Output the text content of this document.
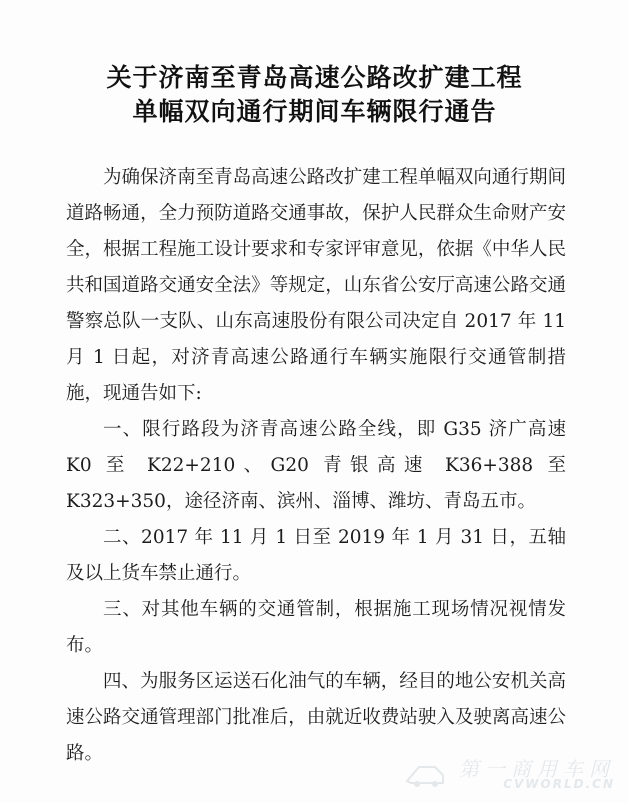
关于济南至青岛高速公路改扩建工程
单幅双向通行期间车辆限行通告

为确保济南至青岛高速公路改扩建工程单幅双向通行期间道路畅通，全力预防道路交通事故，保护人民群众生命财产安全，根据工程施工设计要求和专家评审意见，依据《中华人民共和国道路交通安全法》等规定，山东省公安厅高速公路交通警察总队一支队、山东高速股份有限公司决定自 2017 年 11 月 1 日起，对济青高速公路通行车辆实施限行交通管制措施，现通告如下:

一、限行路段为济青高速公路全线，即 G35 济广高速 K0 至 K22+210、G20 青银高速 K36+388 至 K323+350，途径济南、滨州、淄博、潍坊、青岛五市。

二、2017 年 11 月 1 日至 2019 年 1 月 31 日，五轴及以上货车禁止通行。

三、对其他车辆的交通管制，根据施工现场情况视情发布。

四、为服务区运送石化油气的车辆，经目的地公安机关高速公路交通管理部门批准后，由就近收费站驶入及驶离高速公路。

第一商用车网
CVWORLD.CN
